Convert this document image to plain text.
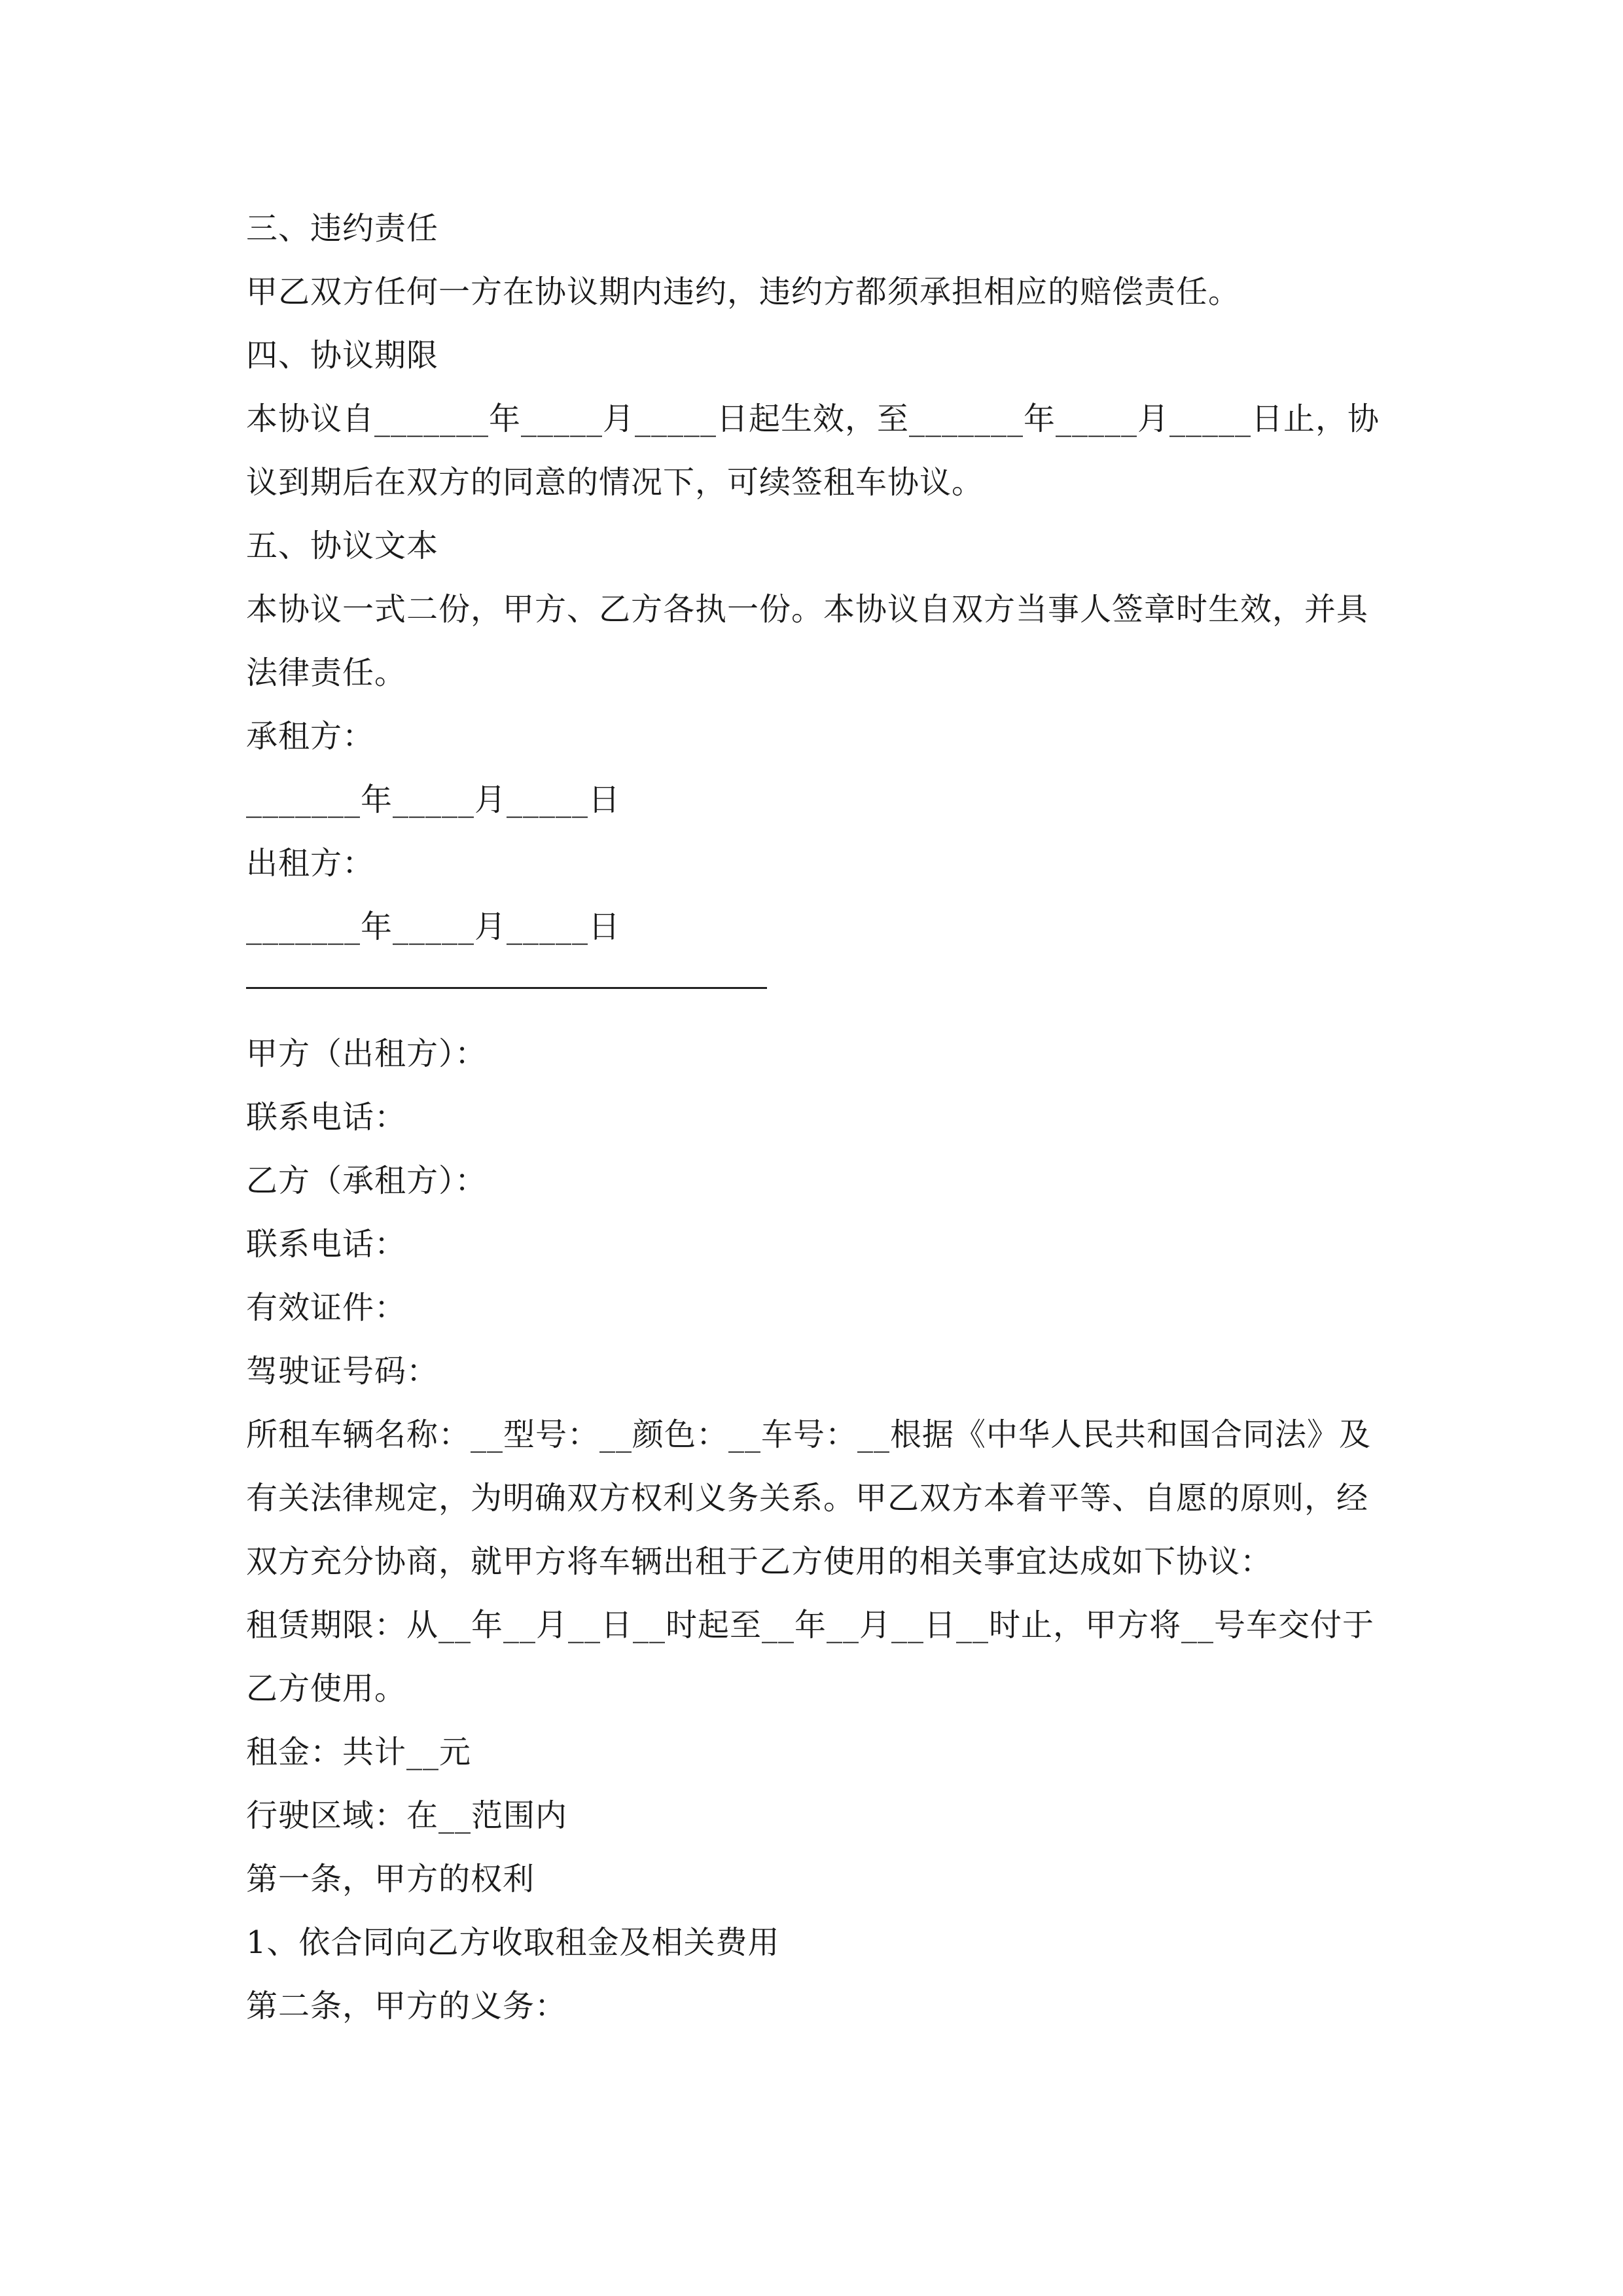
三、违约责任
甲乙双方任何一方在协议期内违约，违约方都须承担相应的赔偿责任。
四、协议期限
本协议自_______年_____月_____日起生效，至_______年_____月_____日止，协
议到期后在双方的同意的情况下，可续签租车协议。
五、协议文本
本协议一式二份，甲方、乙方各执一份。本协议自双方当事人签章时生效，并具
法律责任。
承租方：
_______年_____月_____日
出租方：
_______年_____月_____日
甲方（出租方）：
联系电话：
乙方（承租方）：
联系电话：
有效证件：
驾驶证号码：
所租车辆名称：__型号：__颜色：__车号：__根据《中华人民共和国合同法》及
有关法律规定，为明确双方权利义务关系。甲乙双方本着平等、自愿的原则，经
双方充分协商，就甲方将车辆出租于乙方使用的相关事宜达成如下协议：
租赁期限：从__年__月__日__时起至__年__月__日__时止，甲方将__号车交付于
乙方使用。
租金：共计__元
行驶区域：在__范围内
第一条，甲方的权利
1、依合同向乙方收取租金及相关费用
第二条，甲方的义务：
